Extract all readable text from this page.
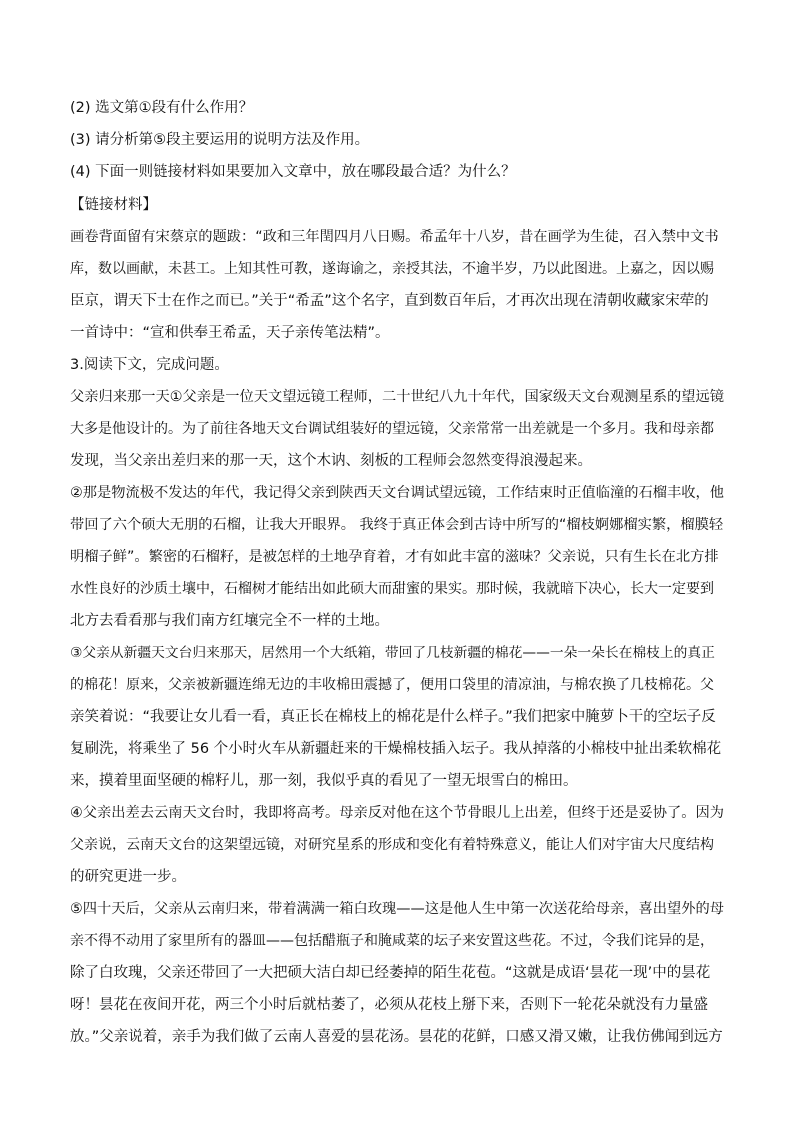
(2) 选文第①段有什么作用？
(3) 请分析第⑤段主要运用的说明方法及作用。
(4) 下面一则链接材料如果要加入文章中，放在哪段最合适？为什么？
【链接材料】
画卷背面留有宋蔡京的题跋：“政和三年閏四月八日赐。希孟年十八岁，昔在画学为生徒，召入禁中文书
库，数以画献，未甚工。上知其性可教，遂诲谕之，亲授其法，不逾半岁，乃以此图进。上嘉之，因以赐
臣京，谓天下士在作之而已。”关于“希孟”这个名字，直到数百年后，才再次出现在清朝收藏家宋荦的
一首诗中：“宣和供奉王希孟，天子亲传笔法精”。
3.阅读下文，完成问题。
父亲归来那一天①父亲是一位天文望远镜工程师，二十世纪八九十年代，国家级天文台观测星系的望远镜
大多是他设计的。为了前往各地天文台调试组装好的望远镜，父亲常常一出差就是一个多月。我和母亲都
发现，当父亲出差归来的那一天，这个木讷、刻板的工程师会忽然变得浪漫起来。
②那是物流极不发达的年代，我记得父亲到陕西天文台调试望远镜，工作结束时正值临潼的石榴丰收，他
带回了六个硕大无朋的石榴，让我大开眼界。 我终于真正体会到古诗中所写的“榴枝婀娜榴实繁，榴膜轻
明榴子鲜”。繁密的石榴籽，是被怎样的土地孕育着，才有如此丰富的滋味？父亲说，只有生长在北方排
水性良好的沙质土壤中，石榴树才能结出如此硕大而甜蜜的果实。那时候，我就暗下决心，长大一定要到
北方去看看那与我们南方红壤完全不一样的土地。
③父亲从新疆天文台归来那天，居然用一个大纸箱，带回了几枝新疆的棉花——一朵一朵长在棉枝上的真正
的棉花！原来，父亲被新疆连绵无边的丰收棉田震撼了，便用口袋里的清凉油，与棉农换了几枝棉花。父
亲笑着说：“我要让女儿看一看，真正长在棉枝上的棉花是什么样子。”我们把家中腌萝卜干的空坛子反
复刷洗，将乘坐了 56 个小时火车从新疆赶来的干燥棉枝插入坛子。我从掉落的小棉枝中扯出柔软棉花
来，摸着里面坚硬的棉籽儿，那一刻，我似乎真的看见了一望无垠雪白的棉田。
④父亲出差去云南天文台时，我即将高考。母亲反对他在这个节骨眼儿上出差，但终于还是妥协了。因为
父亲说，云南天文台的这架望远镜，对研究星系的形成和变化有着特殊意义，能让人们对宇宙大尺度结构
的研究更进一步。
⑤四十天后，父亲从云南归来，带着满满一箱白玫瑰——这是他人生中第一次送花给母亲，喜出望外的母
亲不得不动用了家里所有的器皿——包括醋瓶子和腌咸菜的坛子来安置这些花。不过，令我们诧异的是，
除了白玫瑰，父亲还带回了一大把硕大洁白却已经萎掉的陌生花苞。“这就是成语‘昙花一现’中的昙花
呀！昙花在夜间开花，两三个小时后就枯萎了，必须从花枝上掰下来，否则下一轮花朵就没有力量盛
放。”父亲说着，亲手为我们做了云南人喜爱的昙花汤。昙花的花鲜，口感又滑又嫩，让我仿佛闻到远方
